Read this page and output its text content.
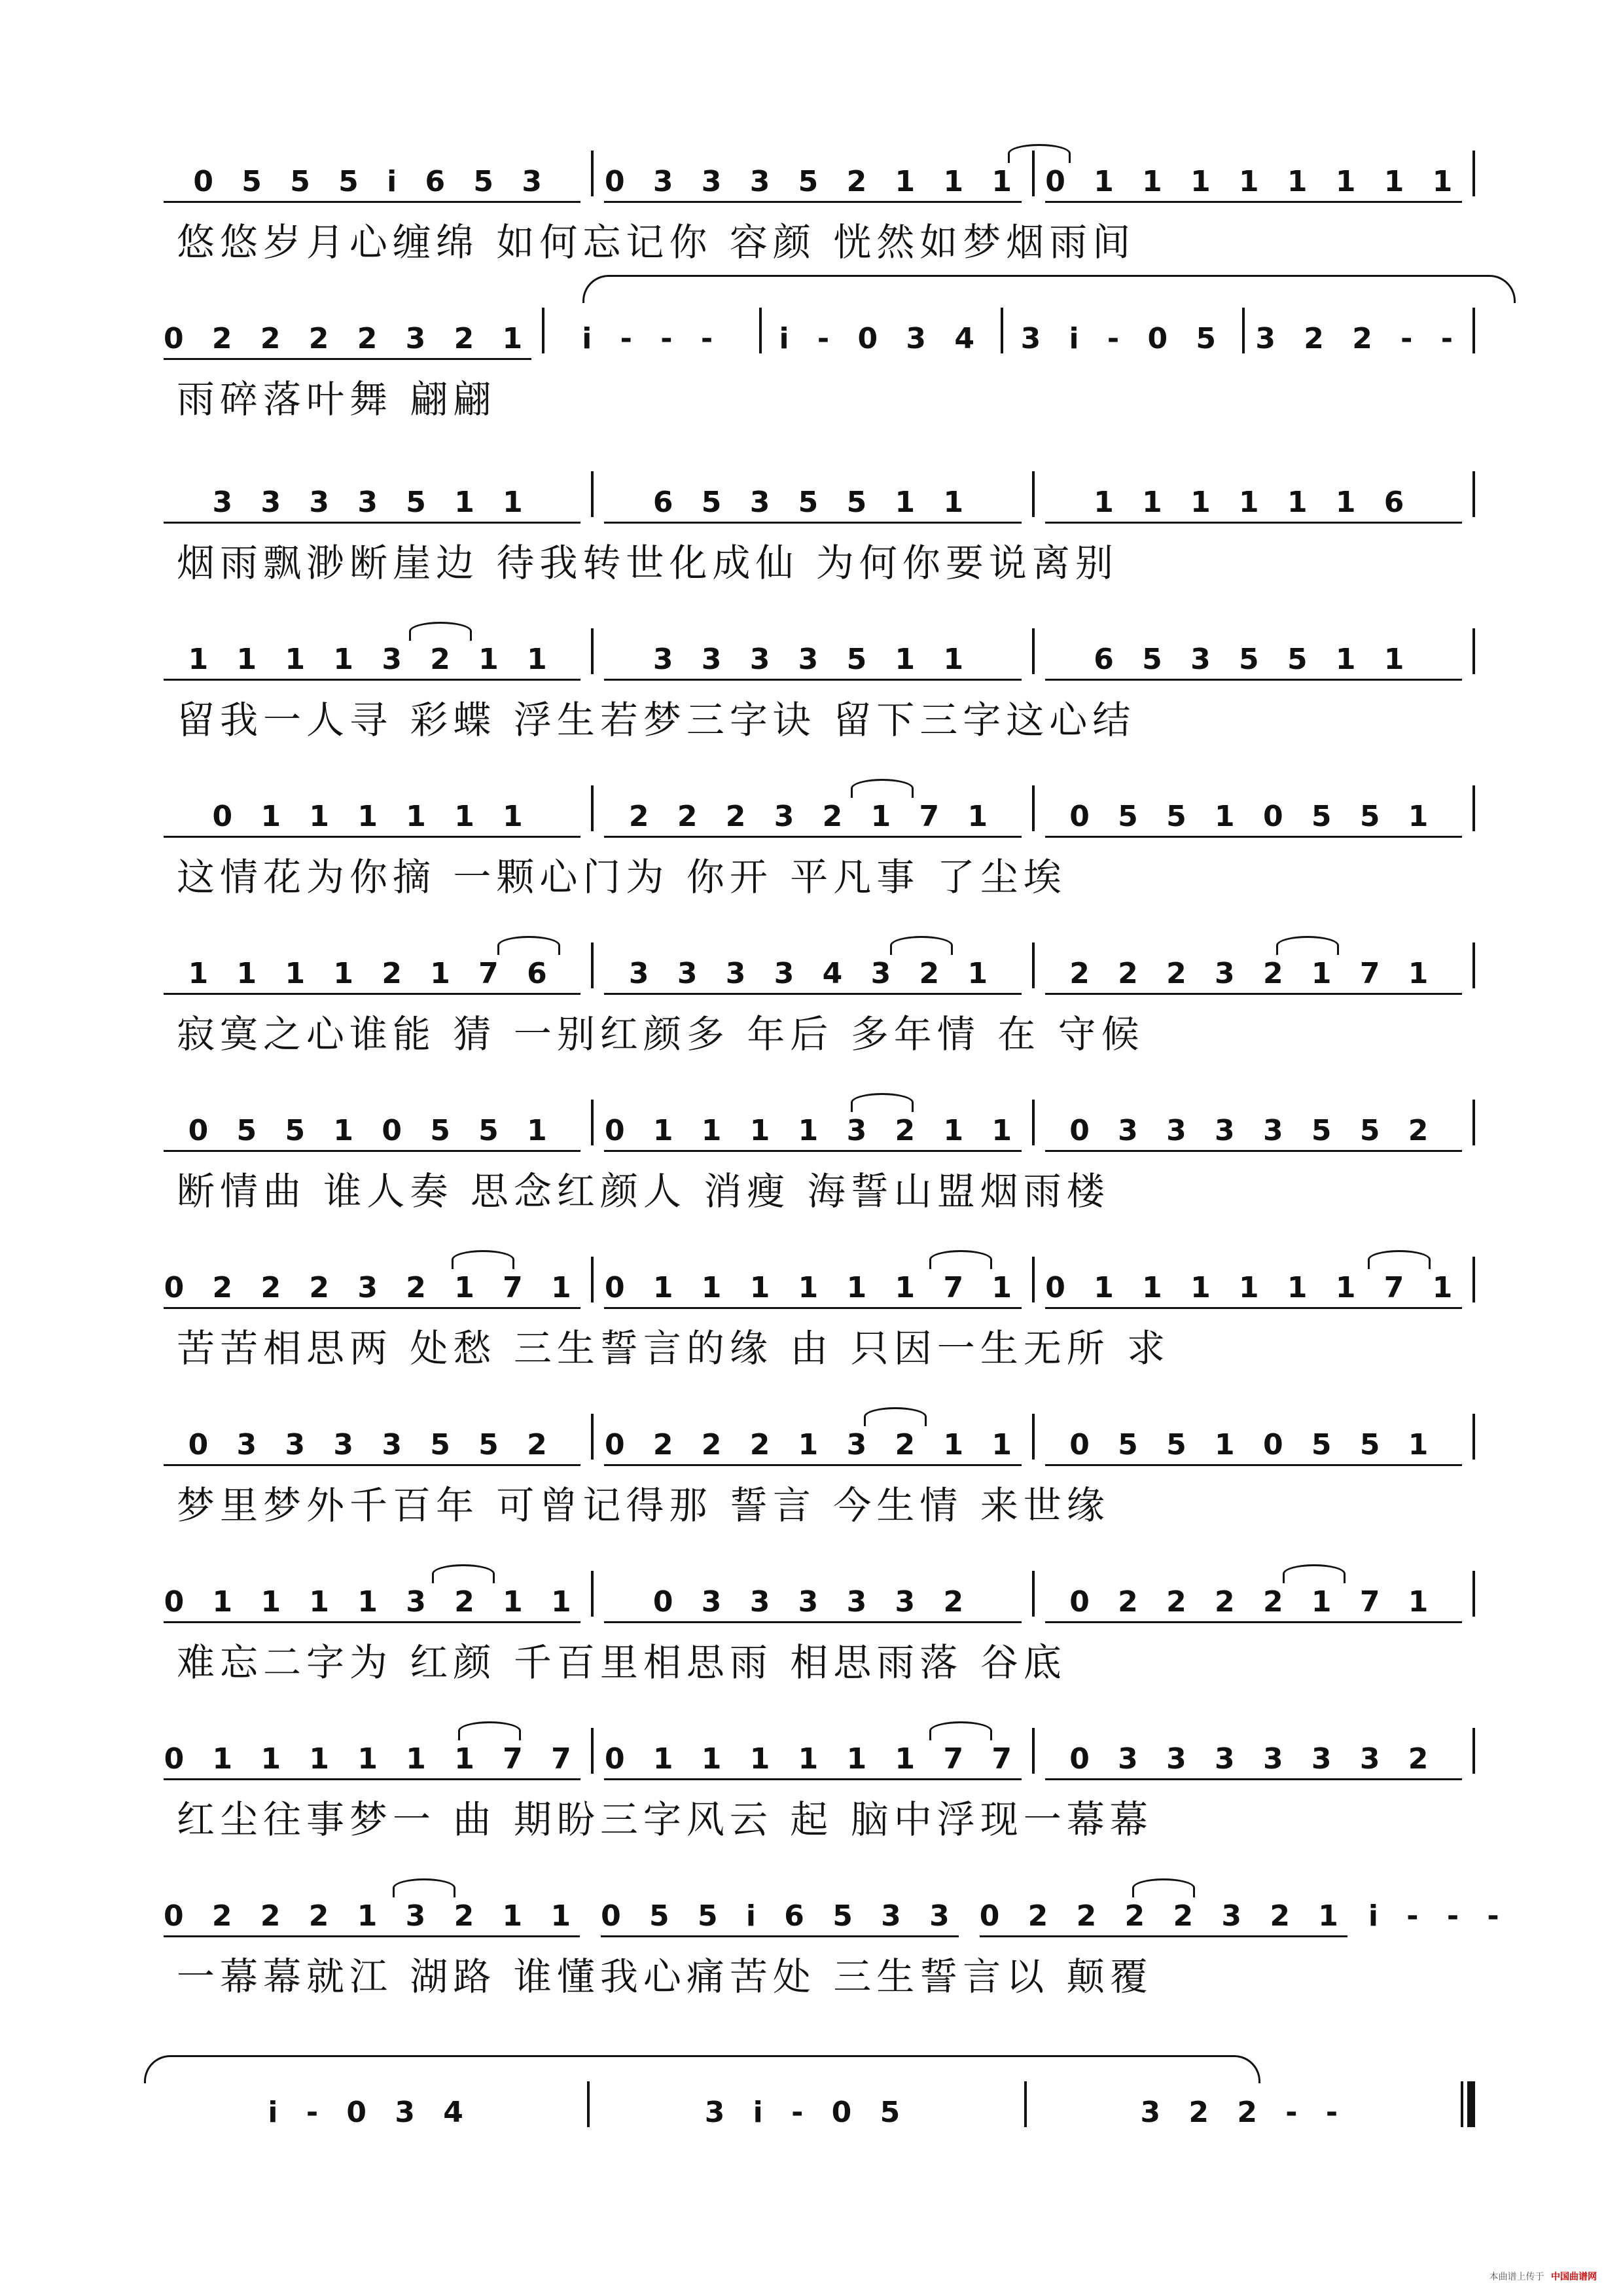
0 5 5 5 i 6 5 3 0 3 3 3 5 2 1 1 1 0 1 1 1 1 1 1 1 1
悠悠岁月心缠绵 如何忘记你 容颜 恍然如梦烟雨间
0 2 2 2 2 3 2 1 i - - - i - 0 3 4 3 i - 0 5 3 2 2 - -
雨碎落叶舞 翩翩
3 3 3 3 5 1 1	6 5 3 5 5 1 1	1 1 1 1 1 1 6
烟雨飘渺断崖边 待我转世化成仙 为何你要说离别
1 1 1 1 3 2 1 1	3 3 3 3 5 1 1	6 5 3 5 5 1 1
留我一人寻 彩蝶 浮生若梦三字诀 留下三字这心结
0 1 1 1 1 1 1	2 2 2 3 2 1 7 1	0 5 5 1 0 5 5 1
这情花为你摘 一颗心门为 你开 平凡事 了尘埃
1 1 1 1 2 1 7 6	3 3 3 3 4 3 2 1	2 2 2 3 2 1 7 1
寂寞之心谁能 猜 一别红颜多 年后 多年情 在 守候
0 5 5 1 0 5 5 1 0 1 1 1 1 3 2 1 1 0 3 3 3 3 5 5 2
断情曲 谁人奏 思念红颜人 消瘦 海誓山盟烟雨楼
0 2 2 2 3 2 1 7 1 0 1 1 1 1 1 1 7 1 0 1 1 1 1 1 1 7 1
苦苦相思两 处愁 三生誓言的缘 由 只因一生无所 求
0 3 3 3 3 5 5 2 0 2 2 2 1 3 2 1 1 0 5 5 1 0 5 5 1
梦里梦外千百年 可曾记得那 誓言 今生情 来世缘
0 1 1 1 1 3 2 1 1	0 3 3 3 3 3 2	0 2 2 2 2 1 7 1
难忘二字为 红颜 千百里相思雨 相思雨落 谷底
0 1 1 1 1 1 1 7 7 0 1 1 1 1 1 1 7 7 0 3 3 3 3 3 3 2
红尘往事梦一 曲 期盼三字风云 起 脑中浮现一幕幕
0 2 2 2 1 3 2 1 1 0 5 5 i 6 5 3 3 0 2 2 2 2 3 2 1 i - - -
一幕幕就江 湖路 谁懂我心痛苦处 三生誓言以 颠覆
i - 0 3 4	3 i - 0 5	3 2 2 - -
本曲谱上传于 中国曲谱网
